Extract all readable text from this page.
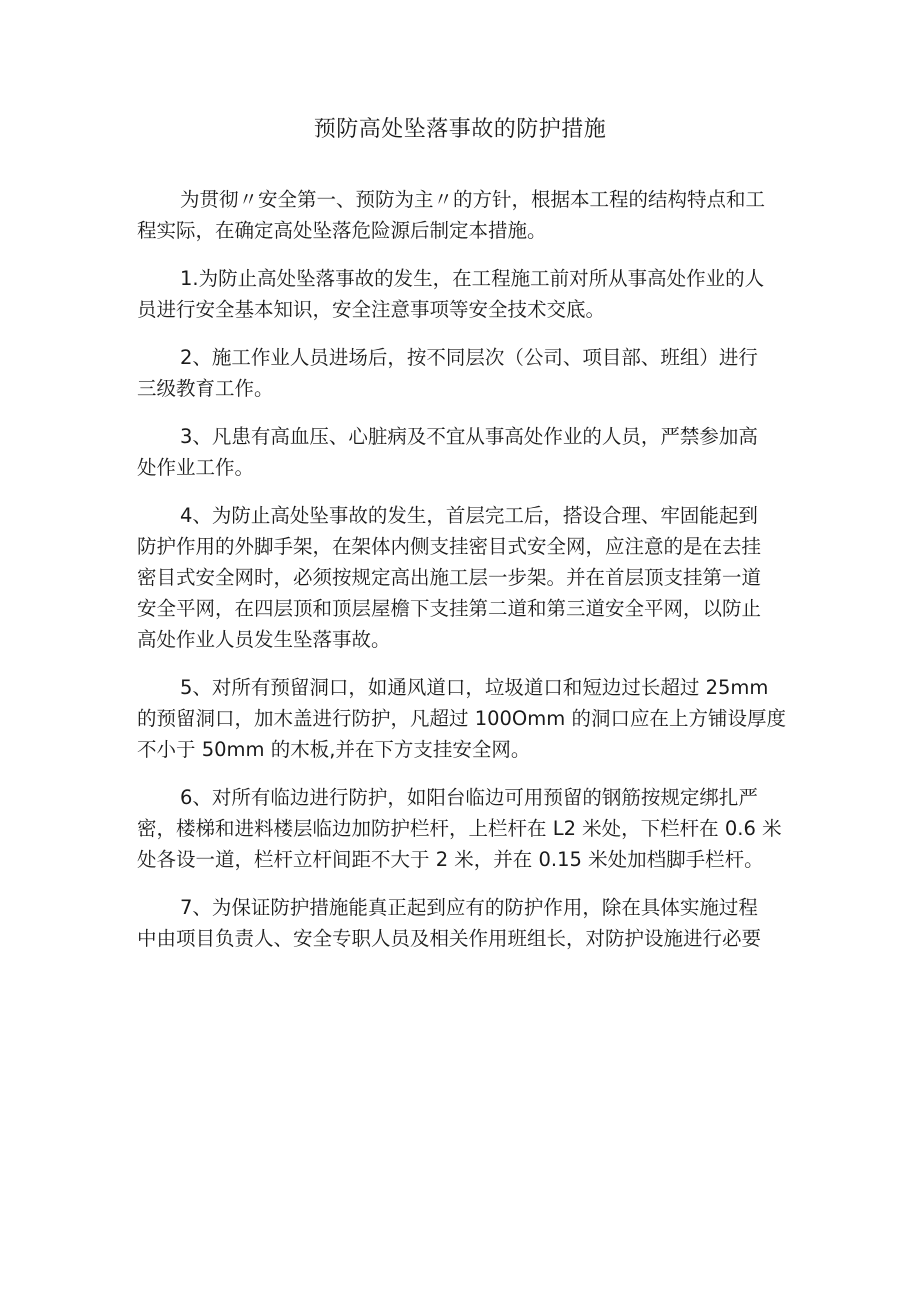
预防高处坠落事故的防护措施

为贯彻〃安全第一、预防为主〃的方针，根据本工程的结构特点和工
程实际，在确定高处坠落危险源后制定本措施。

1.为防止高处坠落事故的发生，在工程施工前对所从事高处作业的人
员进行安全基本知识，安全注意事项等安全技术交底。

2、施工作业人员进场后，按不同层次（公司、项目部、班组）进行
三级教育工作。

3、凡患有高血压、心脏病及不宜从事高处作业的人员，严禁参加高
处作业工作。

4、为防止高处坠事故的发生，首层完工后，搭设合理、牢固能起到
防护作用的外脚手架，在架体内侧支挂密目式安全网，应注意的是在去挂
密目式安全网时，必须按规定高出施工层一步架。并在首层顶支挂第一道
安全平网，在四层顶和顶层屋檐下支挂第二道和第三道安全平网，以防止
高处作业人员发生坠落事故。

5、对所有预留洞口，如通风道口，垃圾道口和短边过长超过 25mm
的预留洞口，加木盖进行防护，凡超过 100Omm 的洞口应在上方铺设厚度
不小于 50mm 的木板,并在下方支挂安全网。

6、对所有临边进行防护，如阳台临边可用预留的钢筋按规定绑扎严
密，楼梯和进料楼层临边加防护栏杆，上栏杆在 L2 米处，下栏杆在 0.6 米
处各设一道，栏杆立杆间距不大于 2 米，并在 0.15 米处加档脚手栏杆。

7、为保证防护措施能真正起到应有的防护作用，除在具体实施过程
中由项目负责人、安全专职人员及相关作用班组长，对防护设施进行必要
